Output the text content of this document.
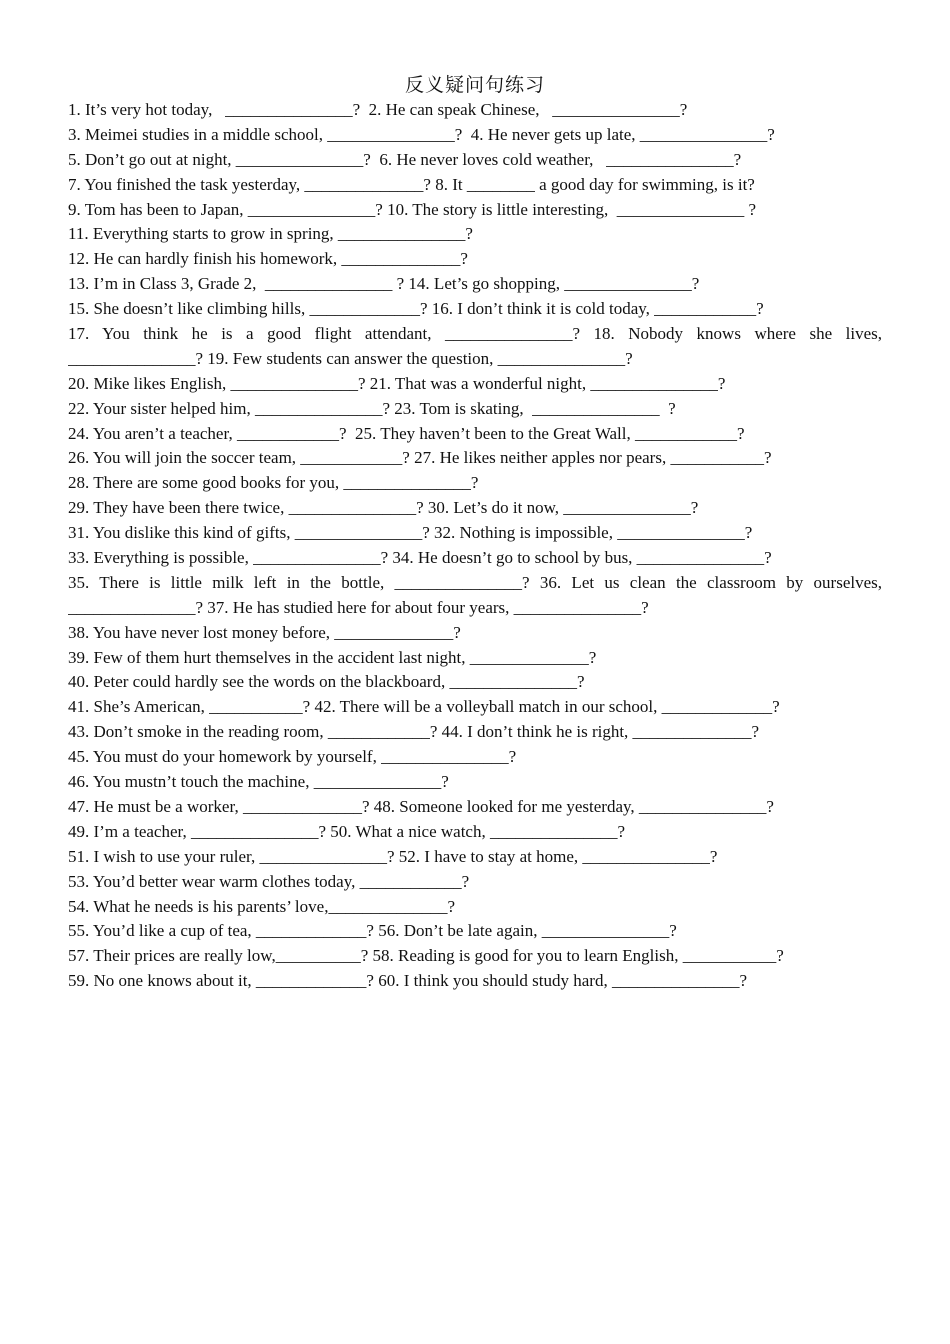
反义疑问句练习
1. It’s very hot today,   _______________?  2. He can speak Chinese,   _______________?
3. Meimei studies in a middle school, _______________?  4. He never gets up late, _______________?
5. Don’t go out at night, _______________?  6. He never loves cold weather,   _______________?
7. You finished the task yesterday, ______________? 8. It ________ a good day for swimming, is it?
9. Tom has been to Japan, _______________? 10. The story is little interesting,  _______________ ?
11. Everything starts to grow in spring, _______________?
12. He can hardly finish his homework, ______________?
13. I’m in Class 3, Grade 2,  _______________ ? 14. Let’s go shopping, _______________?
15. She doesn’t like climbing hills, _____________? 16. I don’t think it is cold today, ____________?
17. You think he is a good flight attendant, _______________? 18. Nobody knows where she lives,
_______________? 19. Few students can answer the question, _______________?
20. Mike likes English, _______________? 21. That was a wonderful night, _______________?
22. Your sister helped him, _______________? 23. Tom is skating,  _______________  ?
24. You aren’t a teacher, ____________?  25. They haven’t been to the Great Wall, ____________?
26. You will join the soccer team, ____________? 27. He likes neither apples nor pears, ___________?
28. There are some good books for you, _______________?
29. They have been there twice, _______________? 30. Let’s do it now, _______________?
31. You dislike this kind of gifts, _______________? 32. Nothing is impossible, _______________?
33. Everything is possible, _______________? 34. He doesn’t go to school by bus, _______________?
35. There is little milk left in the bottle, _______________? 36. Let us clean the classroom by ourselves,
_______________? 37. He has studied here for about four years, _______________?
38. You have never lost money before, ______________?
39. Few of them hurt themselves in the accident last night, ______________?
40. Peter could hardly see the words on the blackboard, _______________?
41. She’s American, ___________? 42. There will be a volleyball match in our school, _____________?
43. Don’t smoke in the reading room, ____________? 44. I don’t think he is right, ______________?
45. You must do your homework by yourself, _______________?
46. You mustn’t touch the machine, _______________?
47. He must be a worker, ______________? 48. Someone looked for me yesterday, _______________?
49. I’m a teacher, _______________? 50. What a nice watch, _______________?
51. I wish to use your ruler, _______________? 52. I have to stay at home, _______________?
53. You’d better wear warm clothes today, ____________?
54. What he needs is his parents’ love,______________?
55. You’d like a cup of tea, _____________? 56. Don’t be late again, _______________?
57. Their prices are really low,__________? 58. Reading is good for you to learn English, ___________?
59. No one knows about it, _____________? 60. I think you should study hard, _______________?
